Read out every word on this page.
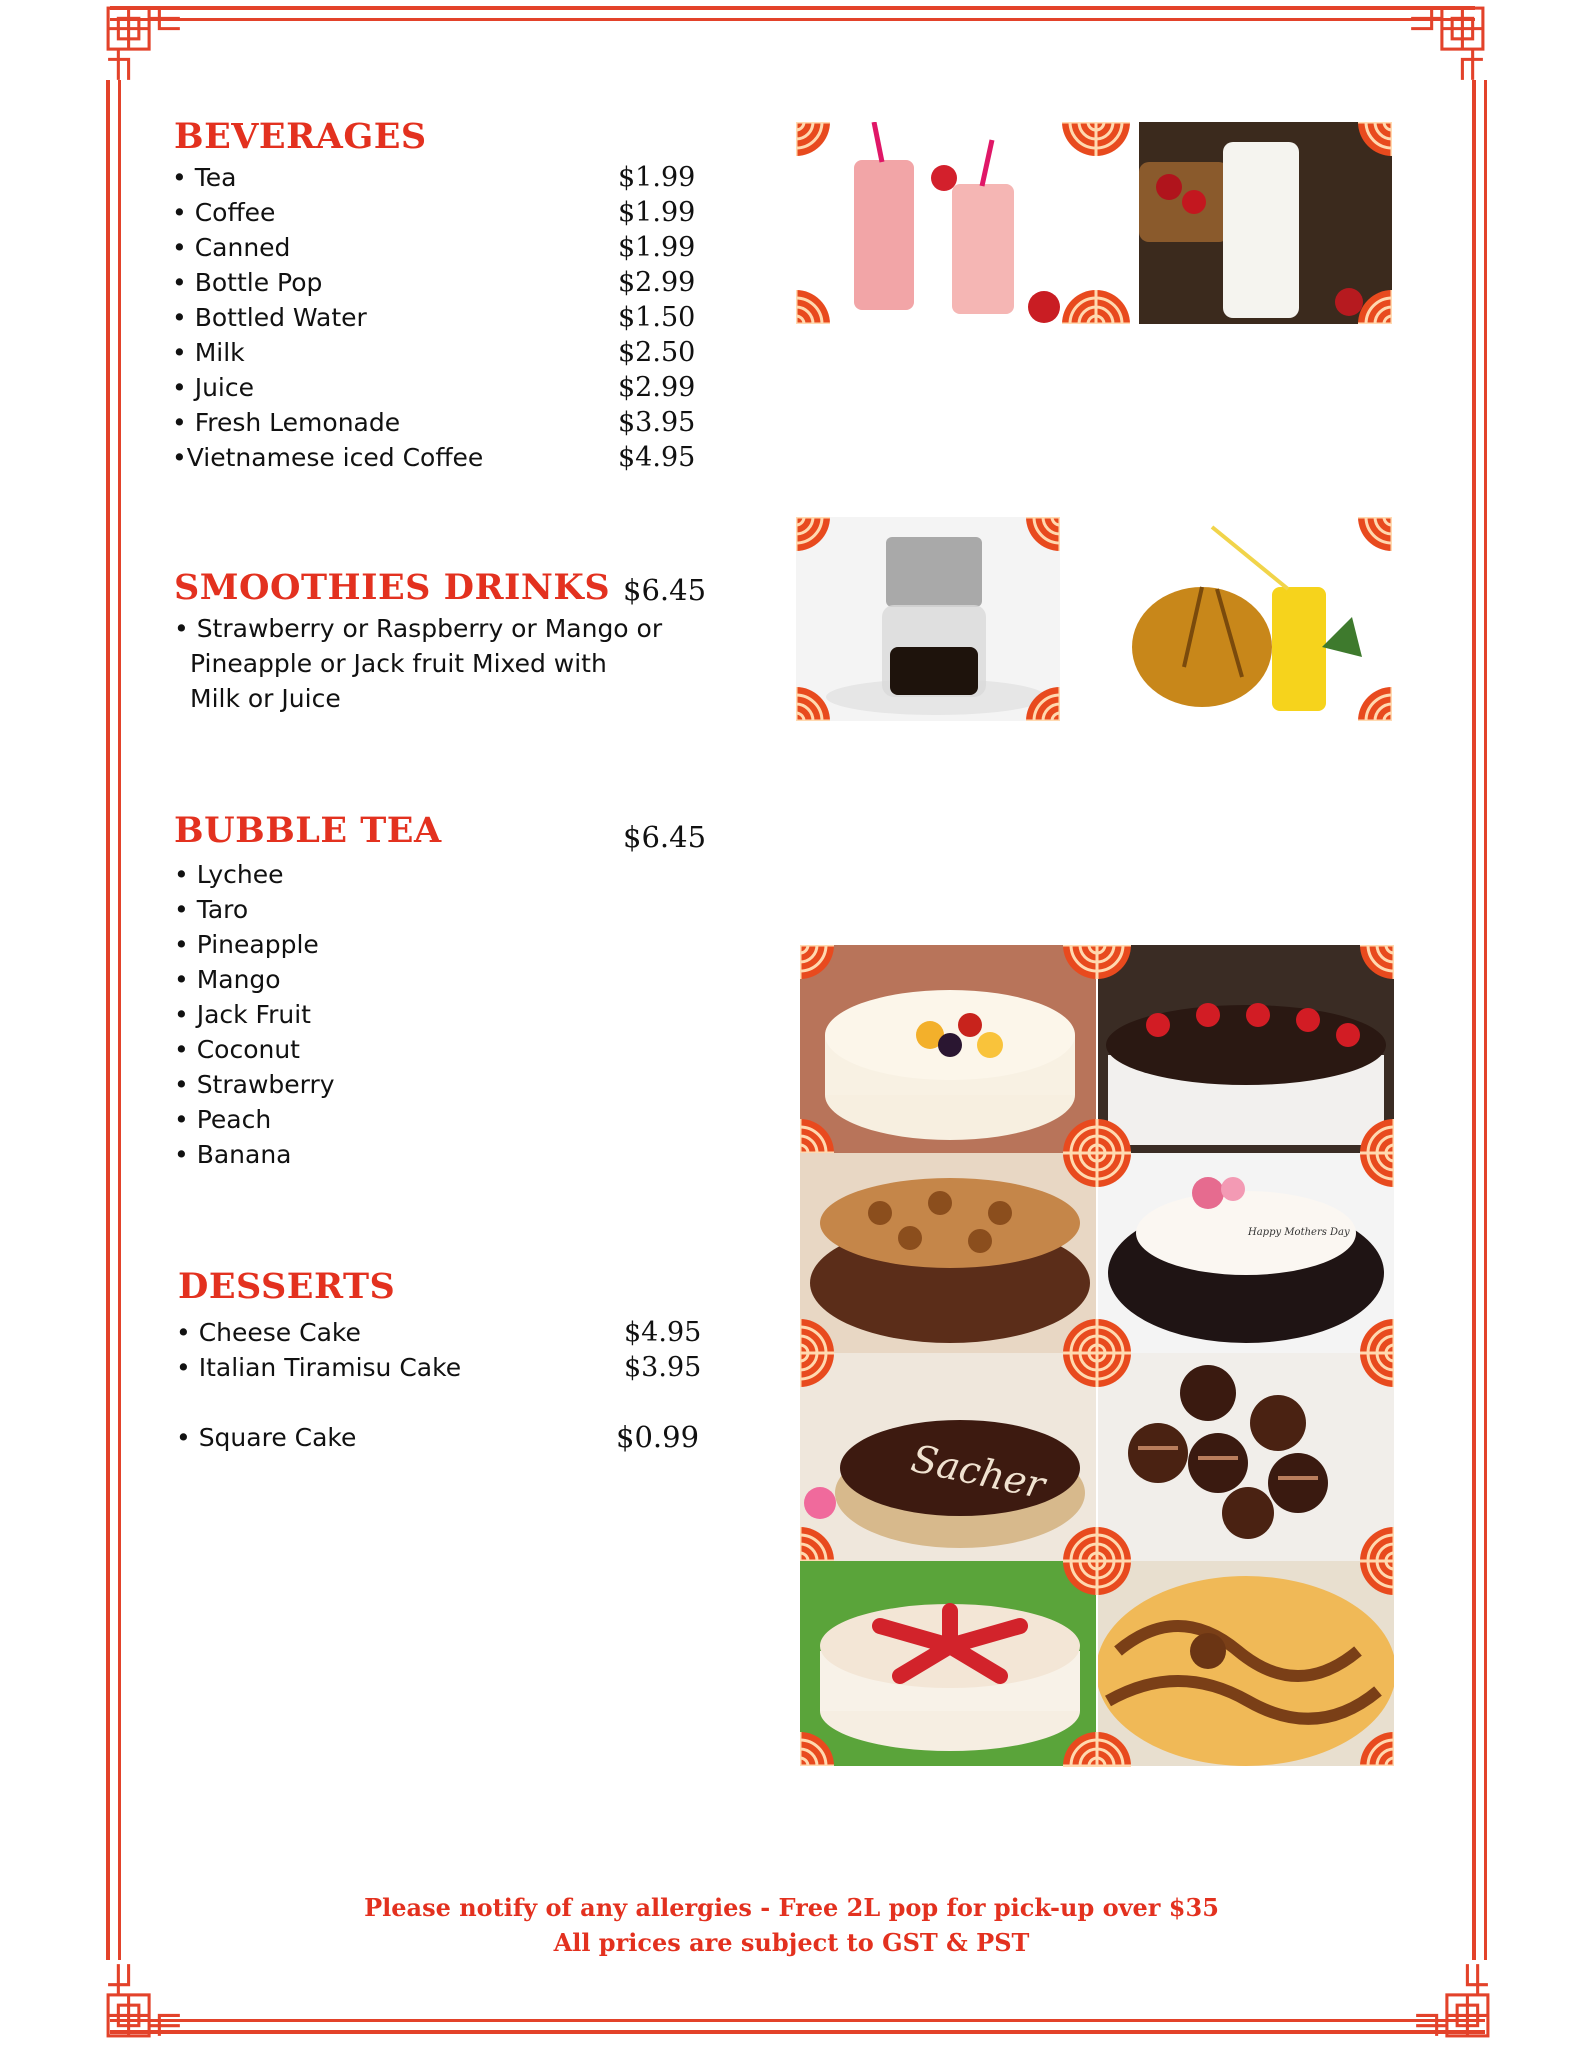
BEVERAGES
• Tea	$1.99
• Coffee	$1.99
• Canned	$1.99
• Bottle Pop	$2.99
• Bottled Water	$1.50
• Milk	$2.50
• Juice	$2.99
• Fresh Lemonade	$3.95
•Vietnamese iced Coffee	$4.95
SMOOTHIES DRINKS $6.45
• Strawberry or Raspberry or Mango or
Pineapple or Jack fruit Mixed with
Milk or Juice
BUBBLE TEA	$6.45
• Lychee
• Taro
• Pineapple
• Mango
• Jack Fruit
• Coconut
• Strawberry
• Peach
• Banana
DESSERTS
• Cheese Cake	$4.95
• Italian Tiramisu Cake	$3.95
• Square Cake	$0.99
Please notify of any allergies - Free 2L pop for pick-up over $35
All prices are subject to GST & PST
Happy Mothers Day
Sacher
